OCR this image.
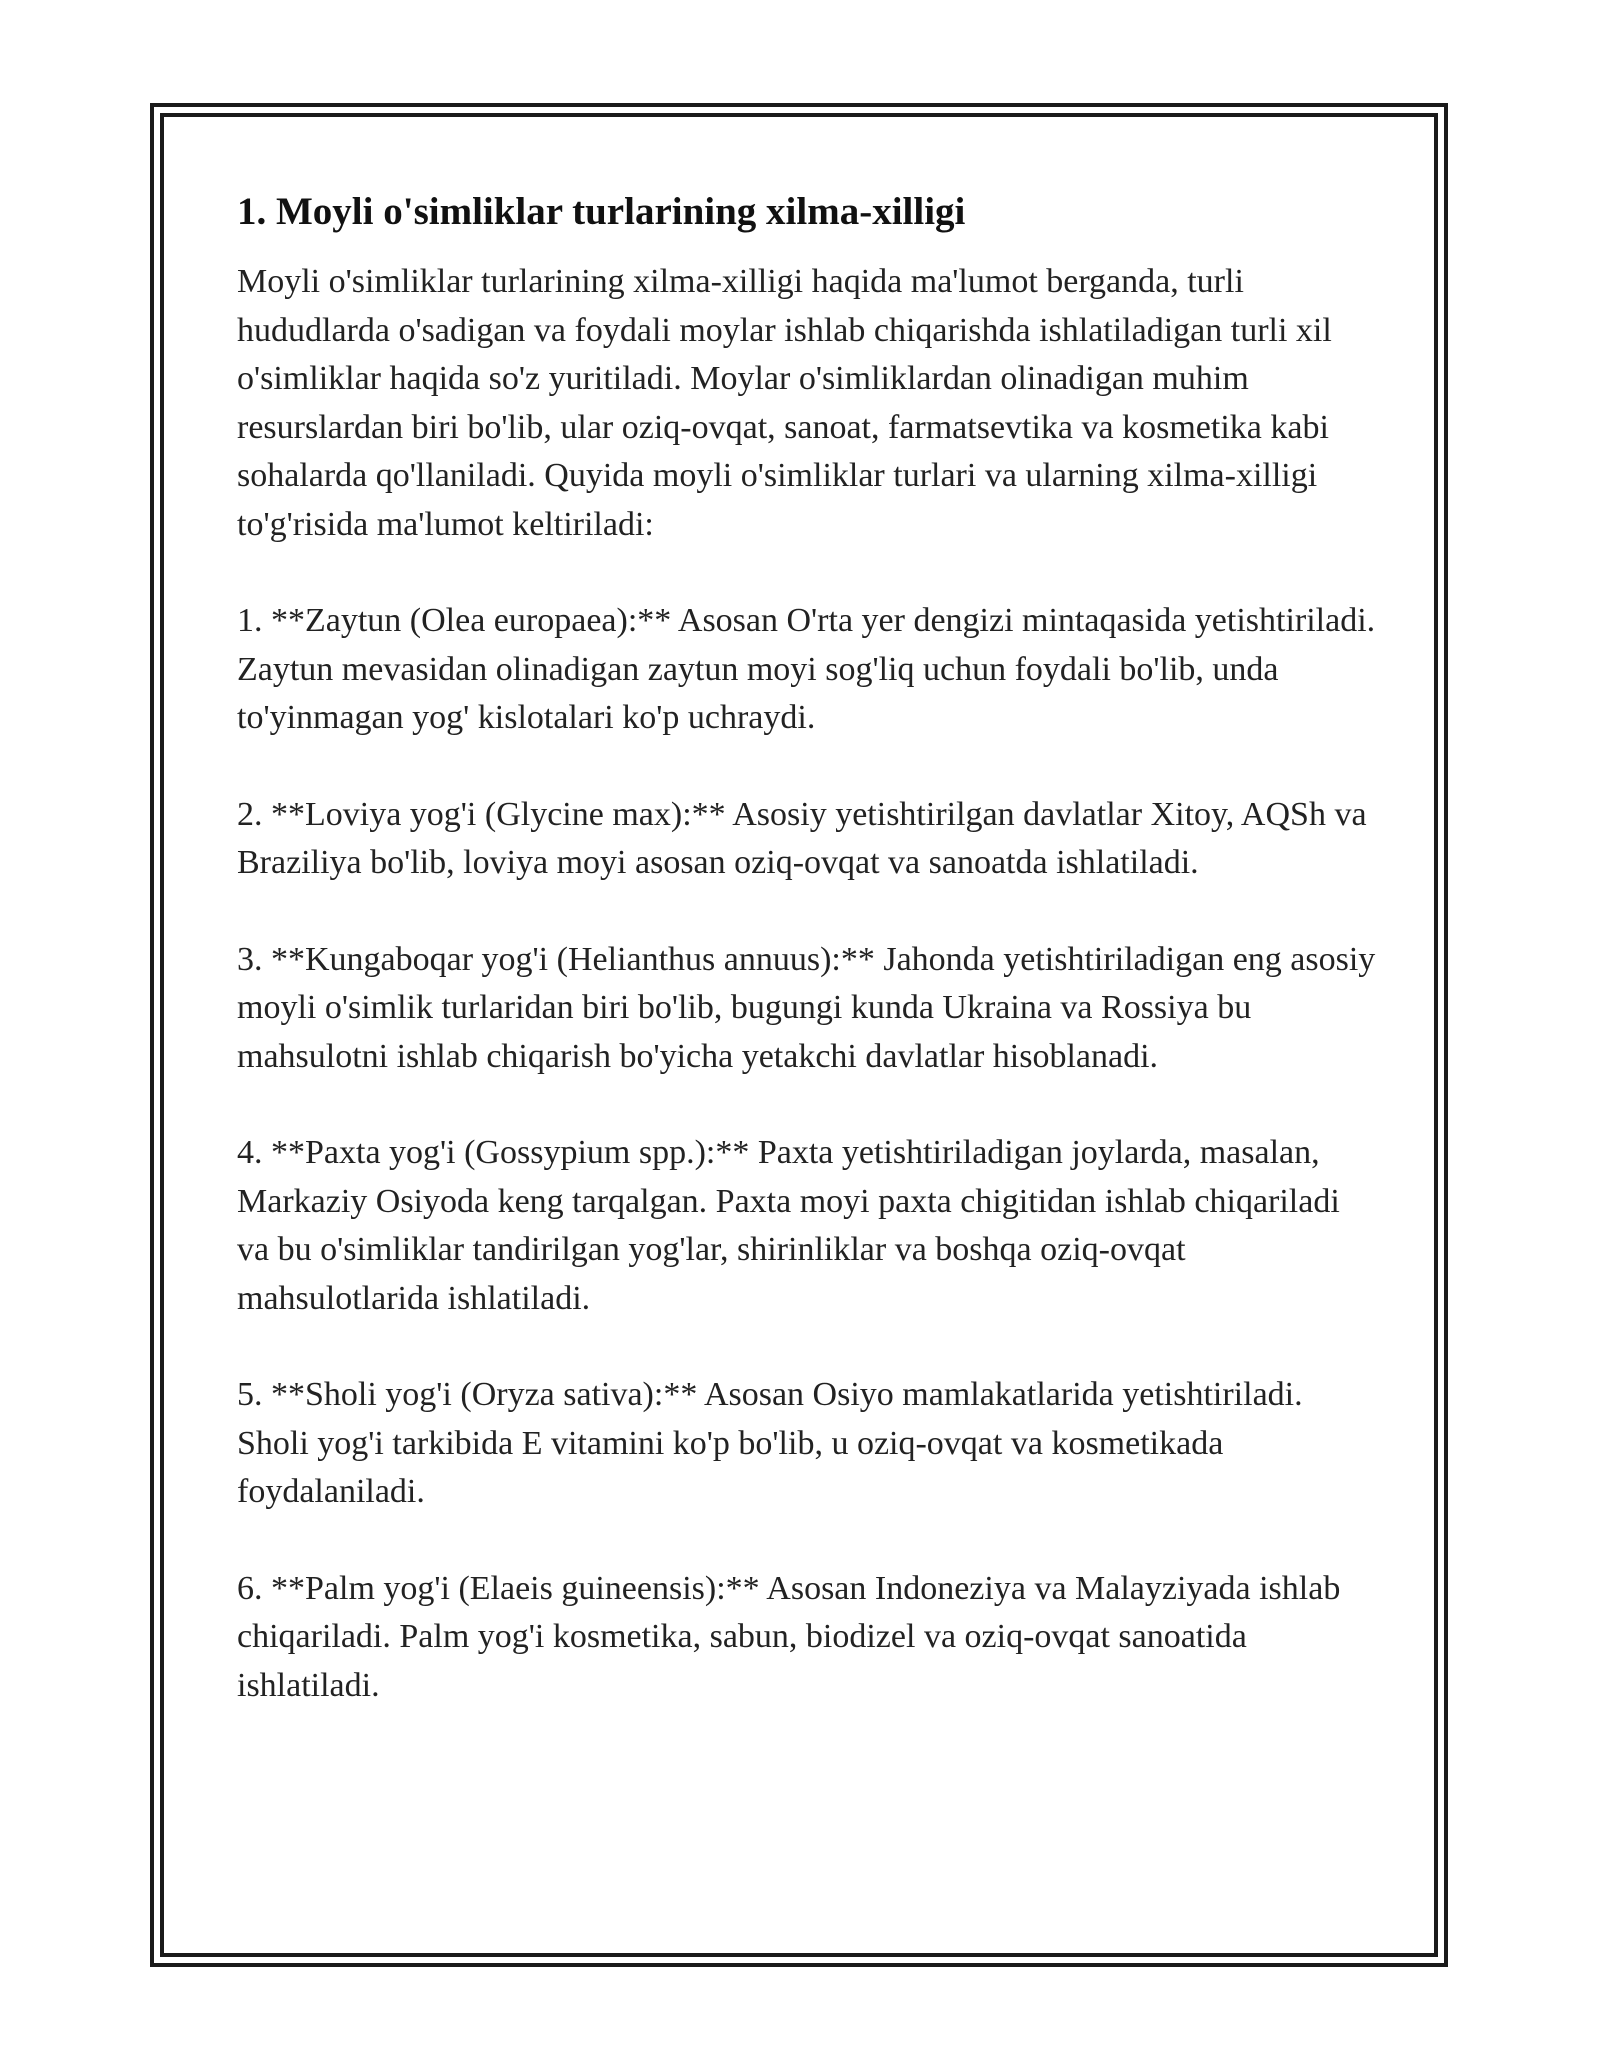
1. Moyli o'simliklar turlarining xilma-xilligi

Moyli o'simliklar turlarining xilma-xilligi haqida ma'lumot berganda, turli hududlarda o'sadigan va foydali moylar ishlab chiqarishda ishlatiladigan turli xil o'simliklar haqida so'z yuritiladi. Moylar o'simliklardan olinadigan muhim resurslardan biri bo'lib, ular oziq-ovqat, sanoat, farmatsevtika va kosmetika kabi sohalarda qo'llaniladi. Quyida moyli o'simliklar turlari va ularning xilma-xilligi to'g'risida ma'lumot keltiriladi:

1. **Zaytun (Olea europaea):** Asosan O'rta yer dengizi mintaqasida yetishtiriladi. Zaytun mevasidan olinadigan zaytun moyi sog'liq uchun foydali bo'lib, unda to'yinmagan yog' kislotalari ko'p uchraydi.

2. **Loviya yog'i (Glycine max):** Asosiy yetishtirilgan davlatlar Xitoy, AQSh va Braziliya bo'lib, loviya moyi asosan oziq-ovqat va sanoatda ishlatiladi.

3. **Kungaboqar yog'i (Helianthus annuus):** Jahonda yetishtiriladigan eng asosiy moyli o'simlik turlaridan biri bo'lib, bugungi kunda Ukraina va Rossiya bu mahsulotni ishlab chiqarish bo'yicha yetakchi davlatlar hisoblanadi.

4. **Paxta yog'i (Gossypium spp.):** Paxta yetishtiriladigan joylarda, masalan, Markaziy Osiyoda keng tarqalgan. Paxta moyi paxta chigitidan ishlab chiqariladi va bu o'simliklar tandirilgan yog'lar, shirinliklar va boshqa oziq-ovqat mahsulotlarida ishlatiladi.

5. **Sholi yog'i (Oryza sativa):** Asosan Osiyo mamlakatlarida yetishtiriladi. Sholi yog'i tarkibida E vitamini ko'p bo'lib, u oziq-ovqat va kosmetikada foydalaniladi.

6. **Palm yog'i (Elaeis guineensis):** Asosan Indoneziya va Malayziyada ishlab chiqariladi. Palm yog'i kosmetika, sabun, biodizel va oziq-ovqat sanoatida ishlatiladi.
